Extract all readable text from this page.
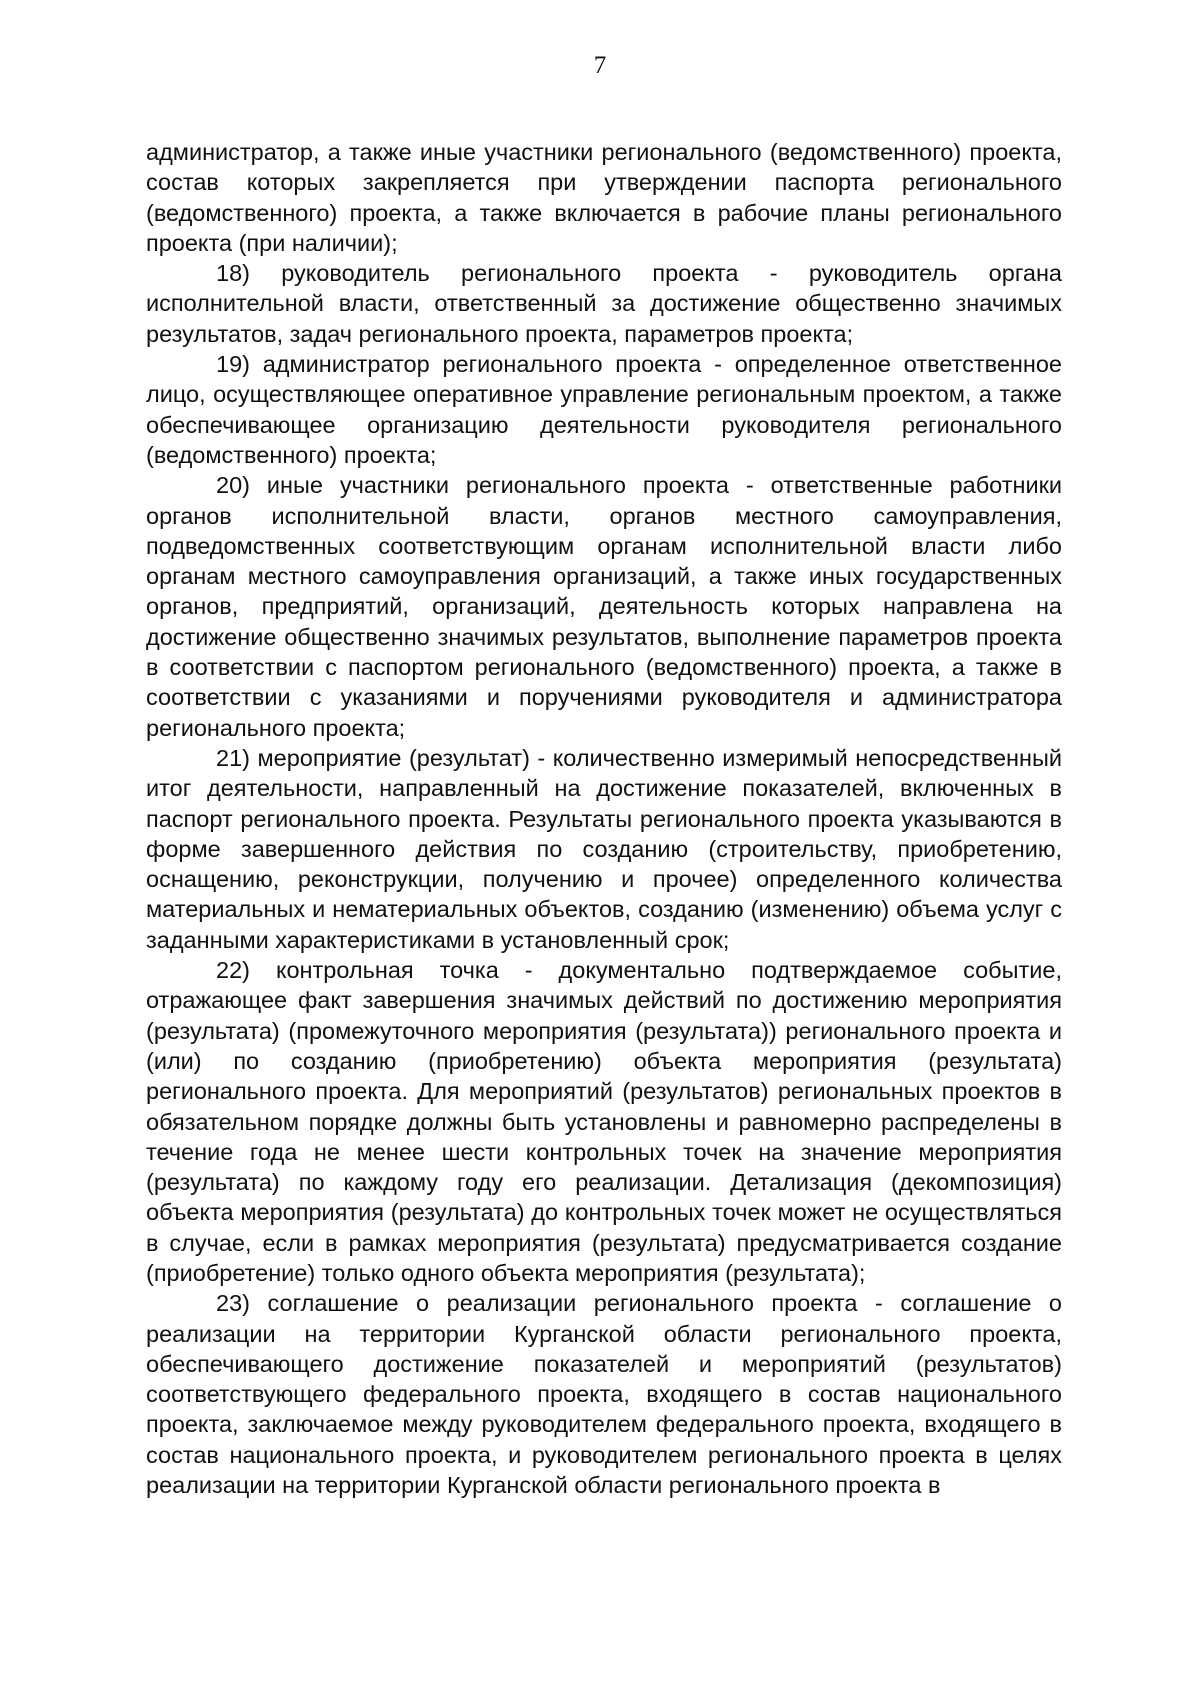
7

администратор, а также иные участники регионального (ведомственного) проекта, состав которых закрепляется при утверждении паспорта регионального (ведомственного) проекта, а также включается в рабочие планы регионального проекта (при наличии);

18) руководитель регионального проекта - руководитель органа исполнительной власти, ответственный за достижение общественно значимых результатов, задач регионального проекта, параметров проекта;

19) администратор регионального проекта - определенное ответственное лицо, осуществляющее оперативное управление региональным проектом, а также обеспечивающее организацию деятельности руководителя регионального (ведомственного) проекта;

20) иные участники регионального проекта - ответственные работники органов исполнительной власти, органов местного самоуправления, подведомственных соответствующим органам исполнительной власти либо органам местного самоуправления организаций, а также иных государственных органов, предприятий, организаций, деятельность которых направлена на достижение общественно значимых результатов, выполнение параметров проекта в соответствии с паспортом регионального (ведомственного) проекта, а также в соответствии с указаниями и поручениями руководителя и администратора регионального проекта;

21) мероприятие (результат) - количественно измеримый непосредственный итог деятельности, направленный на достижение показателей, включенных в паспорт регионального проекта. Результаты регионального проекта указываются в форме завершенного действия по созданию (строительству, приобретению, оснащению, реконструкции, получению и прочее) определенного количества материальных и нематериальных объектов, созданию (изменению) объема услуг с заданными характеристиками в установленный срок;

22) контрольная точка - документально подтверждаемое событие, отражающее факт завершения значимых действий по достижению мероприятия (результата) (промежуточного мероприятия (результата)) регионального проекта и (или) по созданию (приобретению) объекта мероприятия (результата) регионального проекта. Для мероприятий (результатов) региональных проектов в обязательном порядке должны быть установлены и равномерно распределены в течение года не менее шести контрольных точек на значение мероприятия (результата) по каждому году его реализации. Детализация (декомпозиция) объекта мероприятия (результата) до контрольных точек может не осуществляться в случае, если в рамках мероприятия (результата) предусматривается создание (приобретение) только одного объекта мероприятия (результата);

23) соглашение о реализации регионального проекта - соглашение о реализации на территории Курганской области регионального проекта, обеспечивающего достижение показателей и мероприятий (результатов) соответствующего федерального проекта, входящего в состав национального проекта, заключаемое между руководителем федерального проекта, входящего в состав национального проекта, и руководителем регионального проекта в целях реализации на территории Курганской области регионального проекта в
